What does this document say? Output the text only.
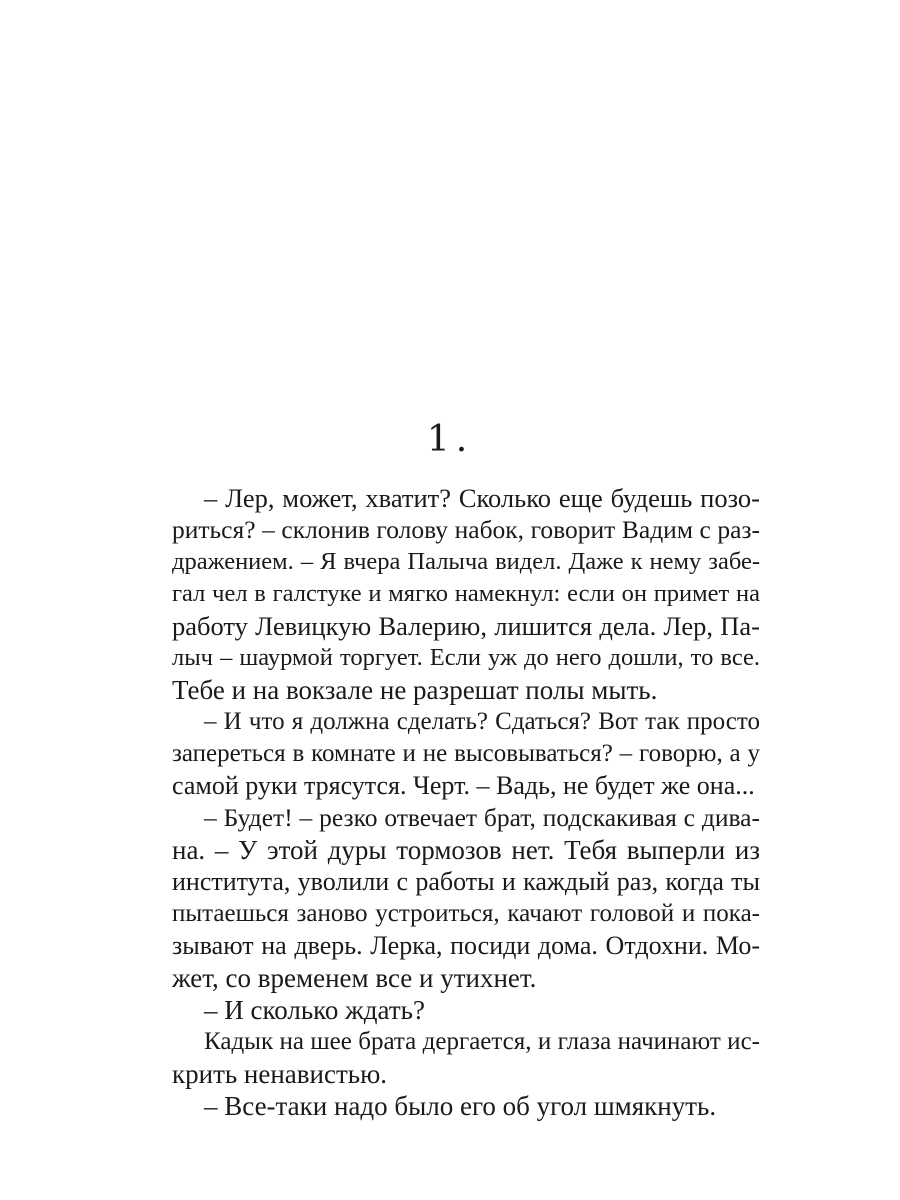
1.
– Лер, может, хватит? Сколько еще будешь позо-
риться? – склонив голову набок, говорит Вадим с раз-
дражением. – Я вчера Палыча видел. Даже к нему забе-
гал чел в галстуке и мягко намекнул: если он примет на
работу Левицкую Валерию, лишится дела. Лер, Па-
лыч – шаурмой торгует. Если уж до него дошли, то все.
Тебе и на вокзале не разрешат полы мыть.
– И что я должна сделать? Сдаться? Вот так просто
запереться в комнате и не высовываться? – говорю, а у
самой руки трясутся. Черт. – Вадь, не будет же она...
– Будет! – резко отвечает брат, подскакивая с дива-
на. – У этой дуры тормозов нет. Тебя выперли из
института, уволили с работы и каждый раз, когда ты
пытаешься заново устроиться, качают головой и пока-
зывают на дверь. Лерка, посиди дома. Отдохни. Мо-
жет, со временем все и утихнет.
– И сколько ждать?
Кадык на шее брата дергается, и глаза начинают ис-
крить ненавистью.
– Все-таки надо было его об угол шмякнуть.
